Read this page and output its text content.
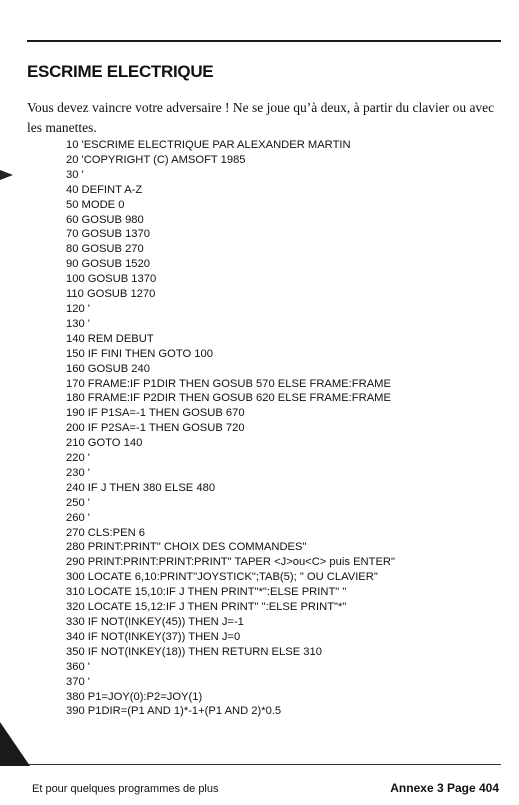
ESCRIME ELECTRIQUE
Vous devez vaincre votre adversaire ! Ne se joue qu’à deux, à partir du clavier ou avec les manettes.
10 'ESCRIME ELECTRIQUE PAR ALEXANDER MARTIN
20 'COPYRIGHT (C) AMSOFT 1985
30 '
40 DEFINT A-Z
50 MODE 0
60 GOSUB 980
70 GOSUB 1370
80 GOSUB 270
90 GOSUB 1520
100 GOSUB 1370
110 GOSUB 1270
120 '
130 '
140 REM DEBUT
150 IF FINI THEN GOTO 100
160 GOSUB 240
170 FRAME:IF P1DIR THEN GOSUB 570 ELSE FRAME:FRAME
180 FRAME:IF P2DIR THEN GOSUB 620 ELSE FRAME:FRAME
190 IF P1SA=-1 THEN GOSUB 670
200 IF P2SA=-1 THEN GOSUB 720
210 GOTO 140
220 '
230 '
240 IF J THEN 380 ELSE 480
250 '
260 '
270 CLS:PEN 6
280 PRINT:PRINT" CHOIX DES COMMANDES"
290 PRINT:PRINT:PRINT:PRINT" TAPER <J>ou<C> puis ENTER"
300 LOCATE 6,10:PRINT"JOYSTICK";TAB(5); " OU CLAVIER"
310 LOCATE 15,10:IF J THEN PRINT"*":ELSE PRINT" "
320 LOCATE 15,12:IF J THEN PRINT" ":ELSE PRINT"*"
330 IF NOT(INKEY(45)) THEN J=-1
340 IF NOT(INKEY(37)) THEN J=0
350 IF NOT(INKEY(18)) THEN RETURN ELSE 310
360 '
370 '
380 P1=JOY(0):P2=JOY(1)
390 P1DIR=(P1 AND 1)*-1+(P1 AND 2)*0.5
Et pour quelques programmes de plus	Annexe 3 Page 404
